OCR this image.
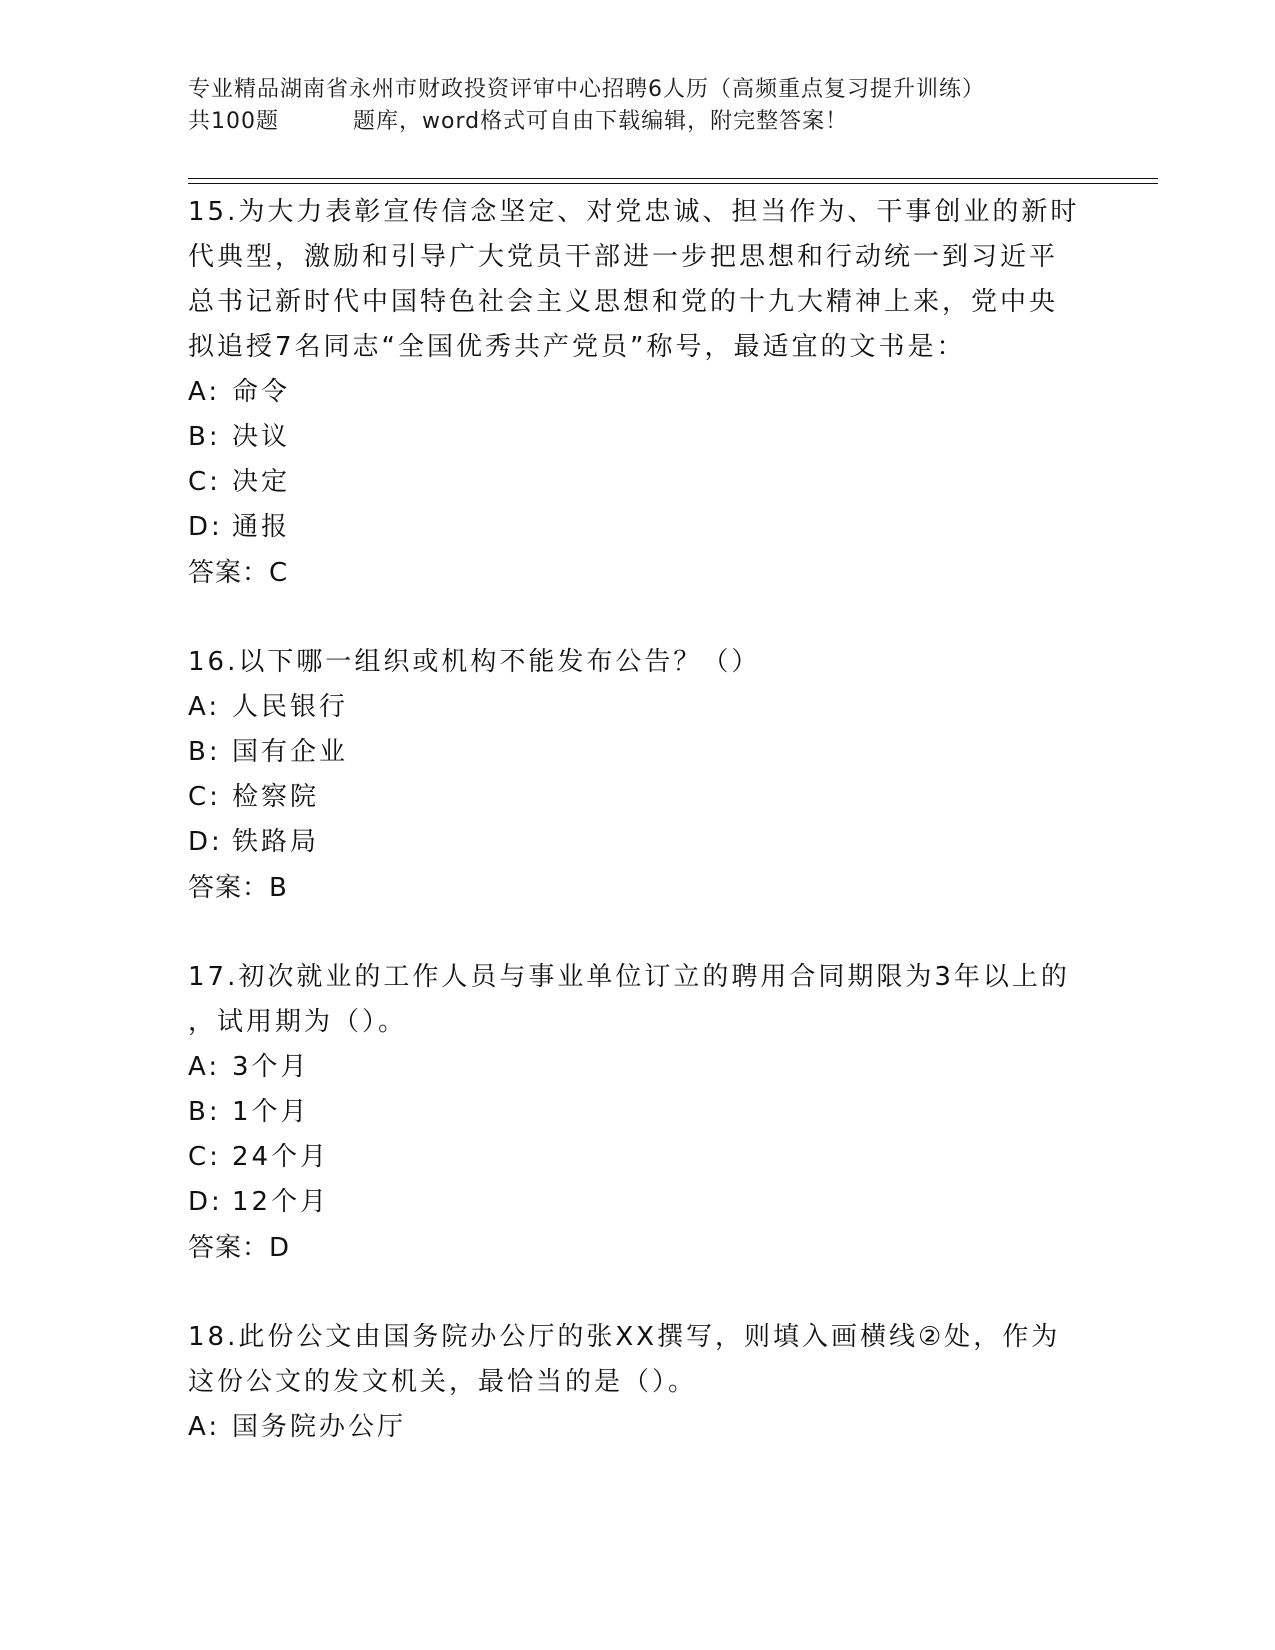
专业精品湖南省永州市财政投资评审中心招聘6人历（高频重点复习提升训练）
共100题	题库，word格式可自由下载编辑，附完整答案！
15.为大力表彰宣传信念坚定、对党忠诚、担当作为、干事创业的新时
代典型，激励和引导广大党员干部进一步把思想和行动统一到习近平
总书记新时代中国特色社会主义思想和党的十九大精神上来，党中央
拟追授7名同志“全国优秀共产党员”称号，最适宜的文书是：
A: 命令
B: 决议
C: 决定
D: 通报
答案：C
16.以下哪一组织或机构不能发布公告？（）
A: 人民银行
B: 国有企业
C: 检察院
D: 铁路局
答案：B
17.初次就业的工作人员与事业单位订立的聘用合同期限为3年以上的
，试用期为（）。
A: 3个月
B: 1个月
C: 24个月
D: 12个月
答案：D
18.此份公文由国务院办公厅的张XX撰写，则填入画横线②处，作为
这份公文的发文机关，最恰当的是（）。
A: 国务院办公厅
